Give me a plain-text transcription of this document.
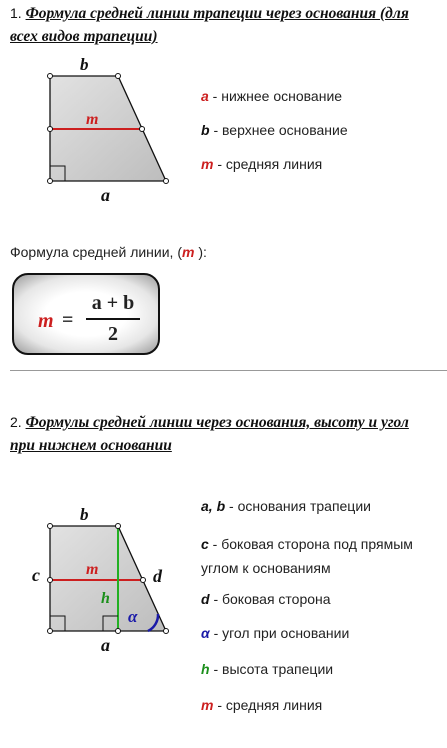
1. Формула средней линии трапеции через основания (для всех видов трапеции)
b
m
a
a - нижнее основание
b - верхнее основание
m - средняя линия
Формула средней линии, (m ):
m =
a + b
2
2. Формулы средней линии через основания, высоту и угол при нижнем основании
b
m
h
c	d
α
a
a, b - основания трапеции
c - боковая сторона под прямым углом к основаниям
d - боковая сторона
α - угол при основании
h - высота трапеции
m - средняя линия
